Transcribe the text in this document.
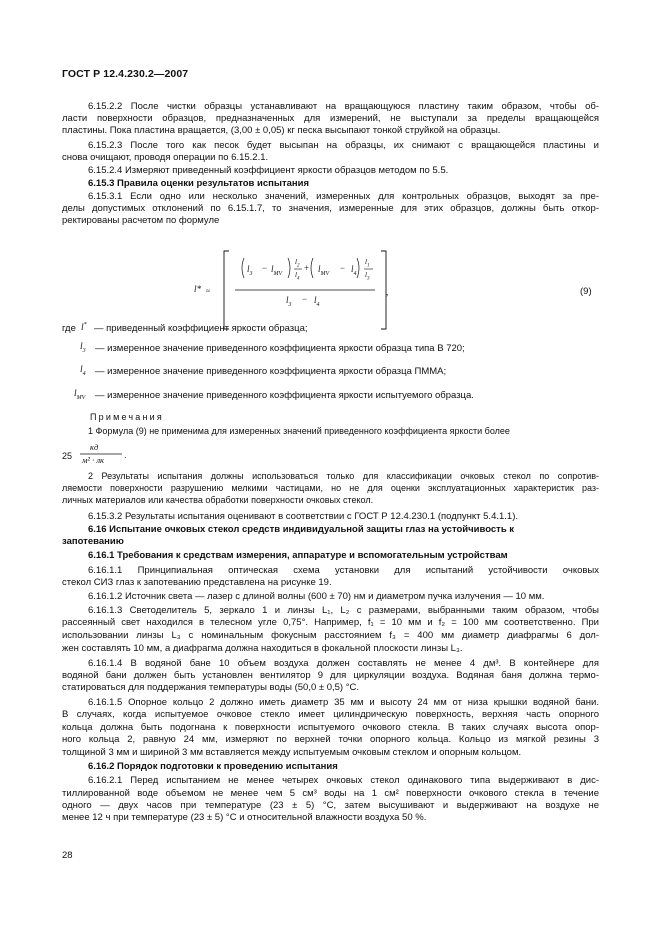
ГОСТ Р 12.4.230.2—2007
6.15.2.2 После чистки образцы устанавливают на вращающуюся пластину таким образом, чтобы об-
ласти поверхности образцов, предназначенных для измерений, не выступали за пределы вращающейся
пластины. Пока пластина вращается, (3,00 ± 0,05) кг песка высыпают тонкой струйкой на образцы.
6.15.2.3 После того как песок будет высыпан на образцы, их снимают с вращающейся пластины и
снова очищают, проводя операции по 6.15.2.1.
6.15.2.4 Измеряют приведенный коэффициент яркости образцов методом по 5.5.
6.15.3 Правила оценки результатов испытания
6.15.3.1 Если одно или несколько значений, измеренных для контрольных образцов, выходят за пре-
делы допустимых отклонений по 6.15.1.7, то значения, измеренные для этих образцов, должны быть откор-
ректированы расчетом по формуле
l* ≈
$l_3$
− $l_{MV}$
$l_2$
$l_4$
+ $l_{MV}$
− $l_4$
$l_1$
$l_3$
$l_3$
− $l_4$
,	(9)
где l* — приведенный коэффициент яркости образца;
$l_3$ — измеренное значение приведенного коэффициента яркости образца типа В 720;
$l_4$ — измеренное значение приведенного коэффициента яркости образца ПММА;
$l_{MV}$ — измеренное значение приведенного коэффициента яркости испытуемого образца.
Примечания
1 Формула (9) не применима для измеренных значений приведенного коэффициента яркости более
25
кд
м² · лк .
2 Результаты испытания должны использоваться только для классификации очковых стекол по сопротив-
ляемости поверхности разрушению мелкими частицами, но не для оценки эксплуатационных характеристик раз-
личных материалов или качества обработки поверхности очковых стекол.
6.15.3.2 Результаты испытания оценивают в соответствии с ГОСТ Р 12.4.230.1 (подпункт 5.4.1.1).
6.16 Испытание очковых стекол средств индивидуальной защиты глаз на устойчивость к
запотеванию
6.16.1 Требования к средствам измерения, аппаратуре и вспомогательным устройствам
6.16.1.1 Принципиальная оптическая схема установки для испытаний устойчивости очковых
стекол СИЗ глаз к запотеванию представлена на рисунке 19.
6.16.1.2 Источник света — лазер с длиной волны (600 ± 70) нм и диаметром пучка излучения — 10 мм.
6.16.1.3 Светоделитель 5, зеркало 1 и линзы L₁, L₂ с размерами, выбранными таким образом, чтобы
рассеянный свет находился в телесном угле 0,75°. Например, f₁ = 10 мм и f₂ = 100 мм соответственно. При
использовании линзы L₃ с номинальным фокусным расстоянием f₃ = 400 мм диаметр диафрагмы 6 дол-
жен составлять 10 мм, а диафрагма должна находиться в фокальной плоскости линзы L₃.
6.16.1.4 В водяной бане 10 объем воздуха должен составлять не менее 4 дм³. В контейнере для
водяной бани должен быть установлен вентилятор 9 для циркуляции воздуха. Водяная баня должна термо-
статироваться для поддержания температуры воды (50,0 ± 0,5) °C.
6.16.1.5 Опорное кольцо 2 должно иметь диаметр 35 мм и высоту 24 мм от низа крышки водяной бани.
В случаях, когда испытуемое очковое стекло имеет цилиндрическую поверхность, верхняя часть опорного
кольца должна быть подогнана к поверхности испытуемого очкового стекла. В таких случаях высота опор-
ного кольца 2, равную 24 мм, измеряют по верхней точки опорного кольца. Кольцо из мягкой резины 3
толщиной 3 мм и шириной 3 мм вставляется между испытуемым очковым стеклом и опорным кольцом.
6.16.2 Порядок подготовки к проведению испытания
6.16.2.1 Перед испытанием не менее четырех очковых стекол одинакового типа выдерживают в дис-
тиллированной воде объемом не менее чем 5 см³ воды на 1 см² поверхности очкового стекла в течение
одного — двух часов при температуре (23 ± 5) °C, затем высушивают и выдерживают на воздухе не
менее 12 ч при температуре (23 ± 5) °C и относительной влажности воздуха 50 %.
28
